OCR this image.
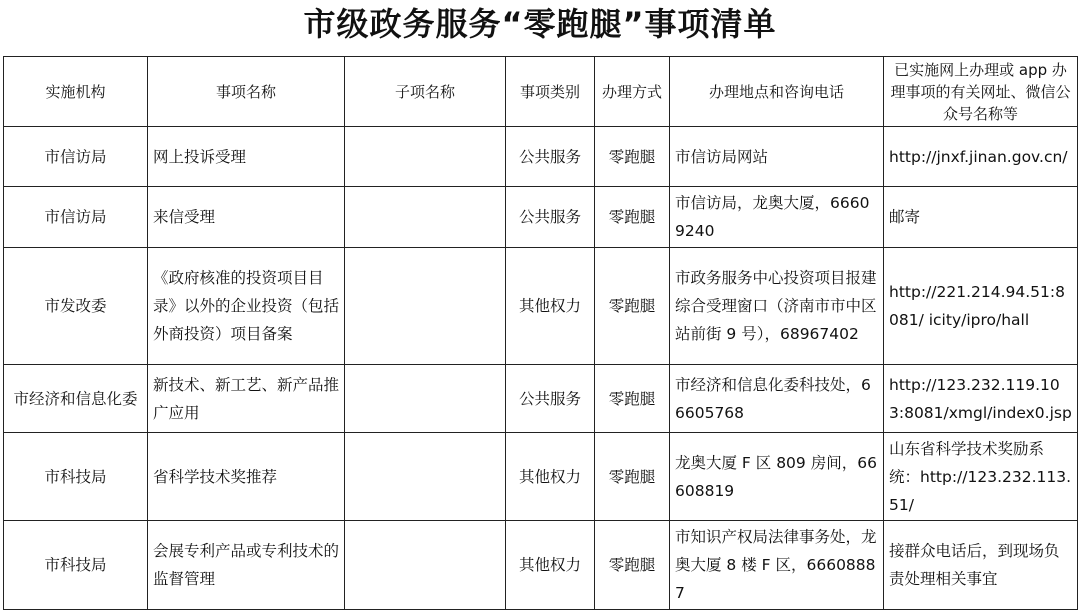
市级政务服务“零跑腿”事项清单
实施机构	事项名称	子项名称	事项类别	办理方式	办理地点和咨询电话	已实施网上办理或 app 办理事项的有关网址、微信公众号名称等
市信访局	网上投诉受理		公共服务	零跑腿	市信访局网站	http://jnxf.jinan.gov.cn/
市信访局	来信受理		公共服务	零跑腿	市信访局，龙奥大厦，66609240	邮寄
市发改委	《政府核准的投资项目目录》以外的企业投资（包括外商投资）项目备案		其他权力	零跑腿	市政务服务中心投资项目报建综合受理窗口（济南市市中区站前街 9 号），68967402	http://221.214.94.51:8081/ icity/ipro/hall
市经济和信息化委	新技术、新工艺、新产品推广应用		公共服务	零跑腿	市经济和信息化委科技处，66605768	http://123.232.119.103:8081/xmgl/index0.jsp
市科技局	省科学技术奖推荐		其他权力	零跑腿	龙奥大厦 F 区 809 房间，66608819	山东省科学技术奖励系统：http://123.232.113.51/
市科技局	会展专利产品或专利技术的监督管理		其他权力	零跑腿	市知识产权局法律事务处，龙奥大厦 8 楼 F 区，66608887	接群众电话后，到现场负责处理相关事宜
